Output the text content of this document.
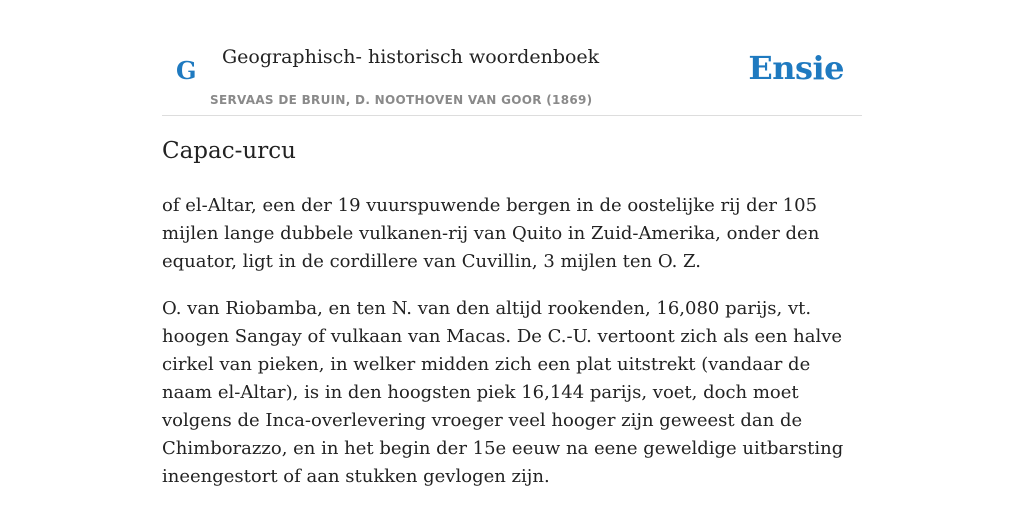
G Geographisch- historisch woordenboek
SERVAAS DE BRUIN, D. NOOTHOVEN VAN GOOR (1869)
Ensie
Capac-urcu

of el-Altar, een der 19 vuurspuwende bergen in de oostelijke rij der 105 mijlen lange dubbele vulkanen-rij van Quito in Zuid-Amerika, onder den equator, ligt in de cordillere van Cuvillin, 3 mijlen ten O. Z.

O. van Riobamba, en ten N. van den altijd rookenden, 16,080 parijs, vt. hoogen Sangay of vulkaan van Macas. De C.-U. vertoont zich als een halve cirkel van pieken, in welker midden zich een plat uitstrekt (vandaar de naam el-Altar), is in den hoogsten piek 16,144 parijs, voet, doch moet volgens de Inca-overlevering vroeger veel hooger zijn geweest dan de Chimborazzo, en in het begin der 15e eeuw na eene geweldige uitbarsting ineengestort of aan stukken gevlogen zijn.
